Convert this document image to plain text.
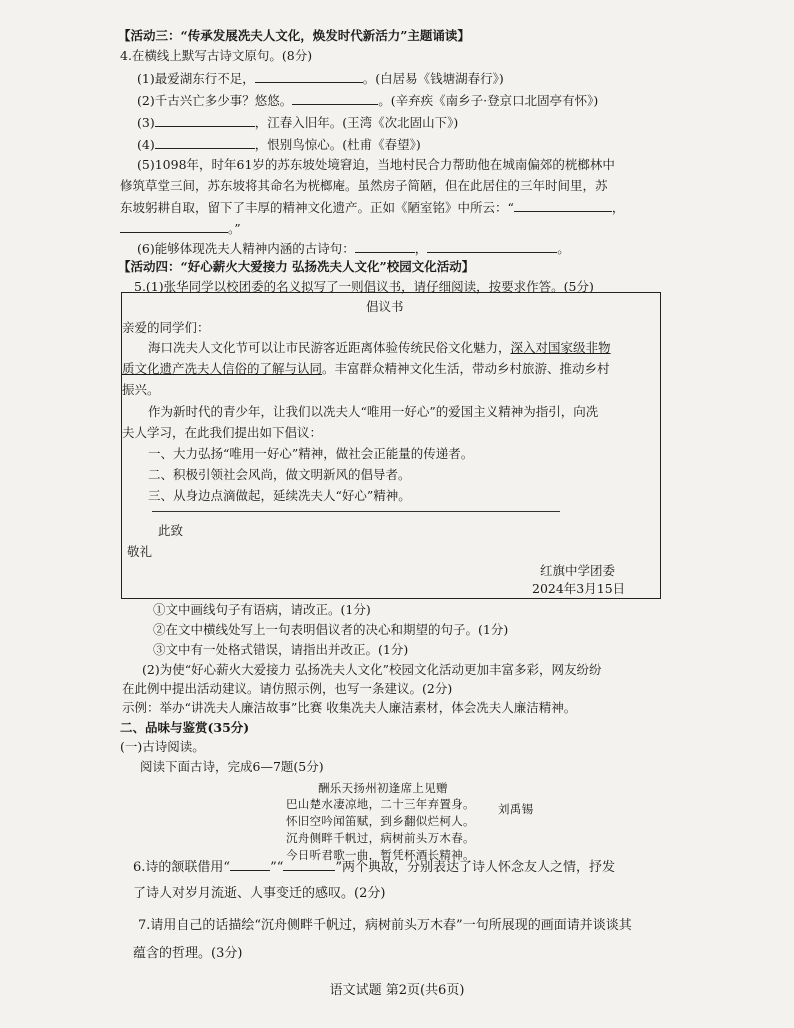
【活动三：“传承发展冼夫人文化，焕发时代新活力”主题诵读】
4.在横线上默写古诗文原句。(8分)
(1)最爱湖东行不足，	。(白居易《钱塘湖春行》)
(2)千古兴亡多少事？悠悠。	。(辛弃疾《南乡子·登京口北固亭有怀》)
(3)	，江春入旧年。(王湾《次北固山下》)
(4)	，恨别鸟惊心。(杜甫《春望》)
(5)1098年，时年61岁的苏东坡处境窘迫，当地村民合力帮助他在城南偏郊的桄榔林中
修筑草堂三间，苏东坡将其命名为桄榔庵。虽然房子简陋，但在此居住的三年时间里，苏
东坡躬耕自取，留下了丰厚的精神文化遗产。正如《陋室铭》中所云：“	，
。”
(6)能够体现冼夫人精神内涵的古诗句：	，	。
【活动四：“好心薪火大爱接力 弘扬冼夫人文化”校园文化活动】
5.(1)张华同学以校团委的名义拟写了一则倡议书，请仔细阅读，按要求作答。(5分)
倡议书
亲爱的同学们：
海口冼夫人文化节可以让市民游客近距离体验传统民俗文化魅力，深入对国家级非物
质文化遗产冼夫人信俗的了解与认同。丰富群众精神文化生活，带动乡村旅游、推动乡村
振兴。
作为新时代的青少年，让我们以冼夫人“唯用一好心”的爱国主义精神为指引，向冼
夫人学习，在此我们提出如下倡议：
一、大力弘扬“唯用一好心”精神，做社会正能量的传递者。
二、积极引领社会风尚，做文明新风的倡导者。
三、从身边点滴做起，延续冼夫人“好心”精神。
此致
敬礼
红旗中学团委
2024年3月15日
①文中画线句子有语病，请改正。(1分)
②在文中横线处写上一句表明倡议者的决心和期望的句子。(1分)
③文中有一处格式错误，请指出并改正。(1分)
(2)为使“好心薪火大爱接力 弘扬冼夫人文化”校园文化活动更加丰富多彩，网友纷纷
在此例中提出活动建议。请仿照示例，也写一条建议。(2分)
示例：举办“讲冼夫人廉洁故事”比赛 收集冼夫人廉洁素材，体会冼夫人廉洁精神。
二、品味与鉴赏(35分)
(一)古诗阅读。
阅读下面古诗，完成6—7题(5分)
酬乐天扬州初逢席上见赠
刘禹锡
巴山楚水凄凉地，二十三年弃置身。
怀旧空吟闻笛赋，到乡翻似烂柯人。
沉舟侧畔千帆过，病树前头万木春。
今日听君歌一曲，暂凭杯酒长精神。
6.诗的颔联借用“	”“	”两个典故，分别表达了诗人怀念友人之情，抒发
了诗人对岁月流逝、人事变迁的感叹。(2分)
7.请用自己的话描绘“沉舟侧畔千帆过，病树前头万木春”一句所展现的画面请并谈谈其
蕴含的哲理。(3分)
语文试题 第2页(共6页)
